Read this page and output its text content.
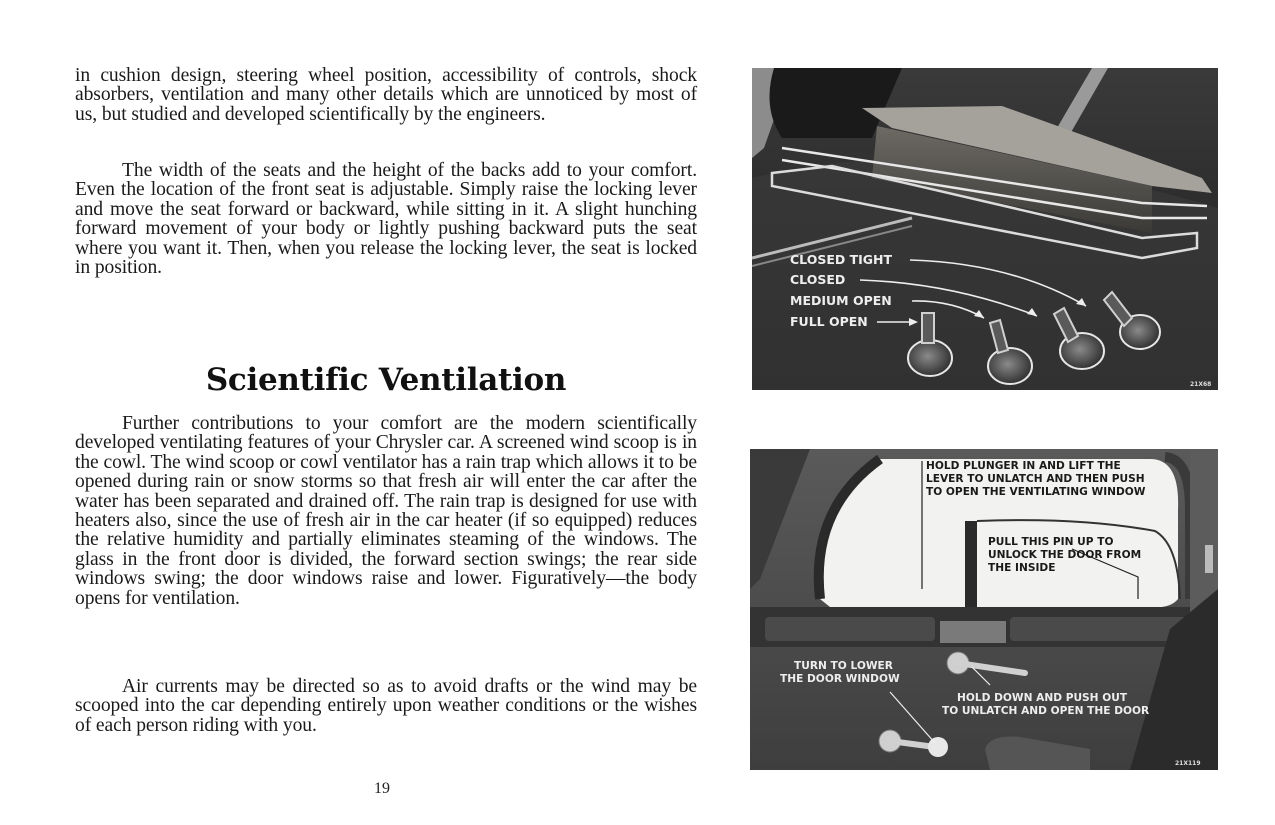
in cushion design, steering wheel position, accessibility of controls, shock absorbers, ventilation and many other details which are unnoticed by most of us, but studied and developed scientifically by the engineers.

The width of the seats and the height of the backs add to your comfort. Even the location of the front seat is adjustable. Simply raise the locking lever and move the seat forward or backward, while sitting in it. A slight hunching forward movement of your body or lightly pushing backward puts the seat where you want it. Then, when you release the locking lever, the seat is locked in position.

Scientific Ventilation

Further contributions to your comfort are the modern scientifically developed ventilating features of your Chrysler car. A screened wind scoop is in the cowl. The wind scoop or cowl ventilator has a rain trap which allows it to be opened during rain or snow storms so that fresh air will enter the car after the water has been separated and drained off. The rain trap is designed for use with heaters also, since the use of fresh air in the car heater (if so equipped) reduces the relative humidity and partially eliminates steaming of the windows. The glass in the front door is divided, the forward section swings; the rear side windows swing; the door windows raise and lower. Figuratively—the body opens for ventilation.

Air currents may be directed so as to avoid drafts or the wind may be scooped into the car depending entirely upon weather conditions or the wishes of each person riding with you.

19
CLOSED TIGHT
CLOSED
MEDIUM OPEN
FULL OPEN
21X68
HOLD PLUNGER IN AND LIFT THE
LEVER TO UNLATCH AND THEN PUSH
TO OPEN THE VENTILATING WINDOW
PULL THIS PIN UP TO
UNLOCK THE DOOR FROM
THE INSIDE
TURN TO LOWER
THE DOOR WINDOW
HOLD DOWN AND PUSH OUT
TO UNLATCH AND OPEN THE DOOR
21X119
